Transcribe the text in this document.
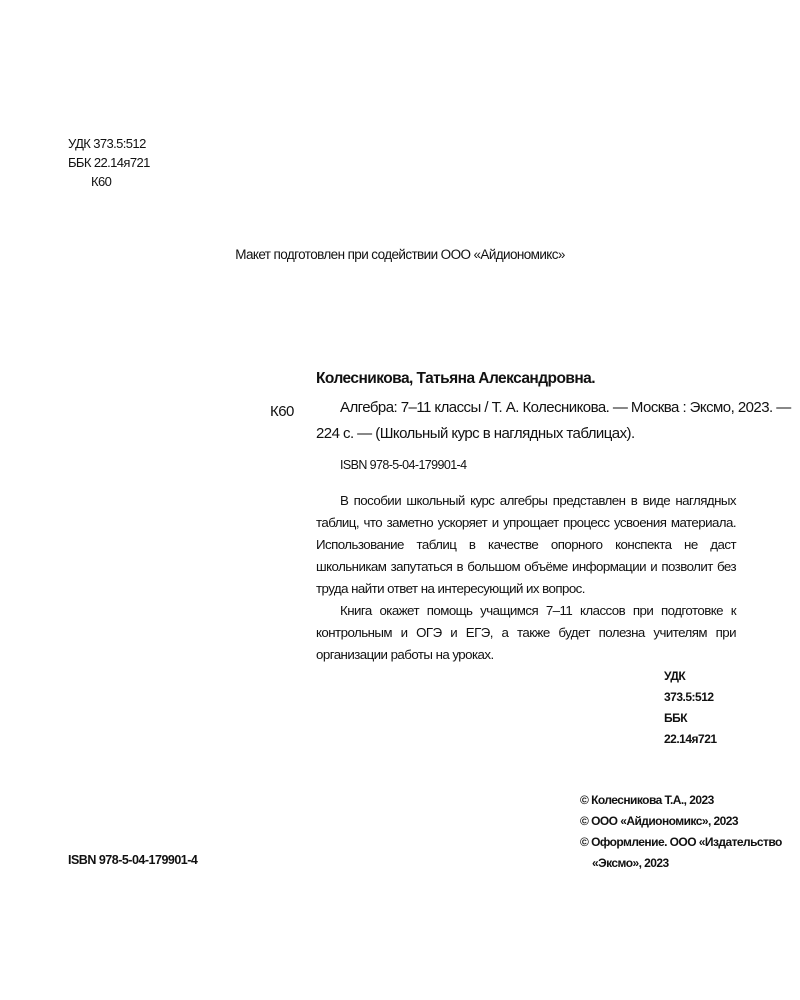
УДК 373.5:512
ББК 22.14я721
К60
Макет подготовлен при содействии ООО «Айдиономикс»
Колесникова, Татьяна Александровна.
К60	Алгебра: 7–11 классы / Т. А. Колесникова. — Москва : Эксмо, 2023. —
224 с. — (Школьный курс в наглядных таблицах).
ISBN 978-5-04-179901-4

В пособии школьный курс алгебры представлен в виде наглядных таблиц, что заметно ускоряет и упрощает процесс усвоения материала. Использование таблиц в качестве опорного конспекта не даст школьникам запутаться в большом объёме информации и позволит без труда найти ответ на интересующий их вопрос.

Книга окажет помощь учащимся 7–11 классов при подготовке к контрольным и ОГЭ и ЕГЭ, а также будет полезна учителям при организации работы на уроках.

УДК 373.5:512
ББК 22.14я721
ISBN 978-5-04-179901-4
© Колесникова Т.А., 2023
© ООО «Айдиономикс», 2023
© Оформление. ООО «Издательство
«Эксмо», 2023
